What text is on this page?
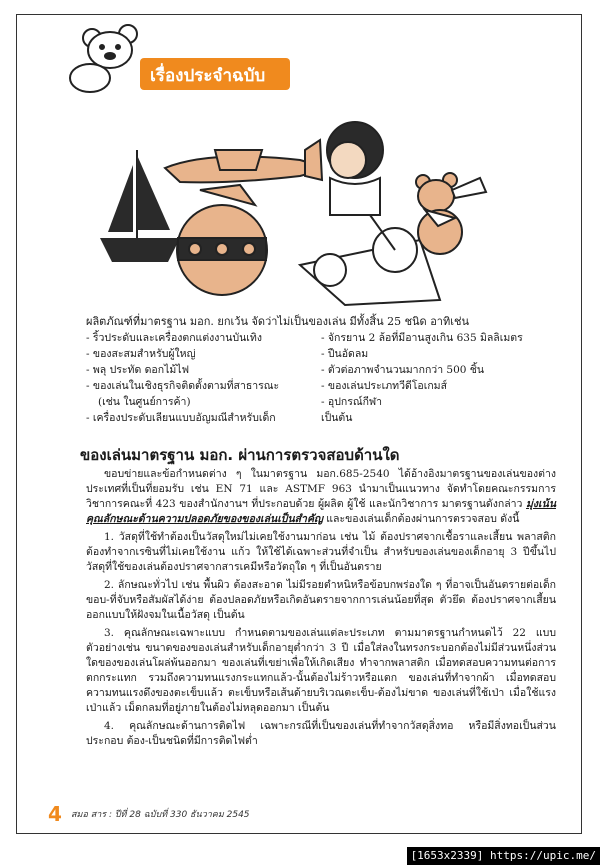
เรื่องประจำฉบับ
ผลิตภัณฑ์ที่มาตรฐาน มอก. ยกเว้น จัดว่าไม่เป็นของเล่น มีทั้งสิ้น 25 ชนิด อาทิเช่น
- ริ้วประดับและเครื่องตกแต่งงานบันเทิง	- จักรยาน 2 ล้อที่มีอานสูงเกิน 635 มิลลิเมตร
- ของสะสมสำหรับผู้ใหญ่	- ปืนอัดลม
- พลุ ประทัด ดอกไม้ไฟ	- ตัวต่อภาพจำนวนมากกว่า 500 ชิ้น
- ของเล่นในเชิงธุรกิจติดตั้งตามที่สาธารณะ	- ของเล่นประเภทวีดีโอเกมส์
(เช่น ในศูนย์การค้า)	- อุปกรณ์กีฬา
- เครื่องประดับเลียนแบบอัญมณีสำหรับเด็ก	เป็นต้น
ของเล่นมาตรฐาน มอก. ผ่านการตรวจสอบด้านใด

ขอบข่ายและข้อกำหนดต่าง ๆ ในมาตรฐาน มอก.685-2540 ได้อ้างอิงมาตรฐานของเล่นของต่างประเทศที่เป็นที่ยอมรับ เช่น EN 71 และ ASTMF 963 นำมาเป็นแนวทาง จัดทำโดยคณะกรรมการวิชาการคณะที่ 423 ของสำนักงานฯ ที่ประกอบด้วย ผู้ผลิต ผู้ใช้ และนักวิชาการ มาตรฐานดังกล่าว มุ่งเน้นคุณลักษณะด้านความปลอดภัยของของเล่นเป็นสำคัญ และของเล่นเด็กต้องผ่านการตรวจสอบ ดังนี้

1. วัสดุที่ใช้ทำต้องเป็นวัสดุใหม่ไม่เคยใช้งานมาก่อน เช่น ไม้ ต้องปราศจากเชื้อราและเสี้ยน พลาสติก ต้องทำจากเรซินที่ไม่เคยใช้งาน แก้ว ให้ใช้ได้เฉพาะส่วนที่จำเป็น สำหรับของเล่นของเด็กอายุ 3 ปีขึ้นไป วัสดุที่ใช้ของเล่นต้องปราศจากสารเคมีหรือวัตถุใด ๆ ที่เป็นอันตราย

2. ลักษณะทั่วไป เช่น พื้นผิว ต้องสะอาด ไม่มีรอยตำหนิหรือข้อบกพร่องใด ๆ ที่อาจเป็นอันตรายต่อเด็ก ขอบ-ที่จับหรือสัมผัสได้ง่าย ต้องปลอดภัยหรือเกิดอันตรายจากการเล่นน้อยที่สุด ตัวยึด ต้องปราศจากเสี้ยน ออกแบบให้ฝังจมในเนื้อวัสดุ เป็นต้น

3. คุณลักษณะเฉพาะแบบ กำหนดตามของเล่นแต่ละประเภท ตามมาตรฐานกำหนดไว้ 22 แบบ ตัวอย่างเช่น ขนาดของของเล่นสำหรับเด็กอายุต่ำกว่า 3 ปี เมื่อใส่ลงในทรงกระบอกต้องไม่มีส่วนหนึ่งส่วนใดของของเล่นโผล่พ้นออกมา ของเล่นที่เขย่าเพื่อให้เกิดเสียง ทำจากพลาสติก เมื่อทดสอบความทนต่อการตกกระแทก รวมถึงความทนแรงกระแทกแล้ว-นั้นต้องไม่ร้าวหรือแตก ของเล่นที่ทำจากผ้า เมื่อทดสอบความทนแรงดึงของตะเข็บแล้ว ตะเข็บหรือเส้นด้ายบริเวณตะเข็บ-ต้องไม่ขาด ของเล่นที่ใช้เป่า เมื่อใช้แรงเป่าแล้ว เม็ดกลมที่อยู่ภายในต้องไม่หลุดออกมา เป็นต้น

4. คุณลักษณะด้านการติดไฟ เฉพาะกรณีที่เป็นของเล่นที่ทำจากวัสดุสิ่งทอ หรือมีสิ่งทอเป็นส่วนประกอบ ต้อง-เป็นชนิดที่มีการติดไฟต่ำ

4 สมอ สาร : ปีที่ 28 ฉบับที่ 330 ธันวาคม 2545
[1653x2339] https://upic.me/
